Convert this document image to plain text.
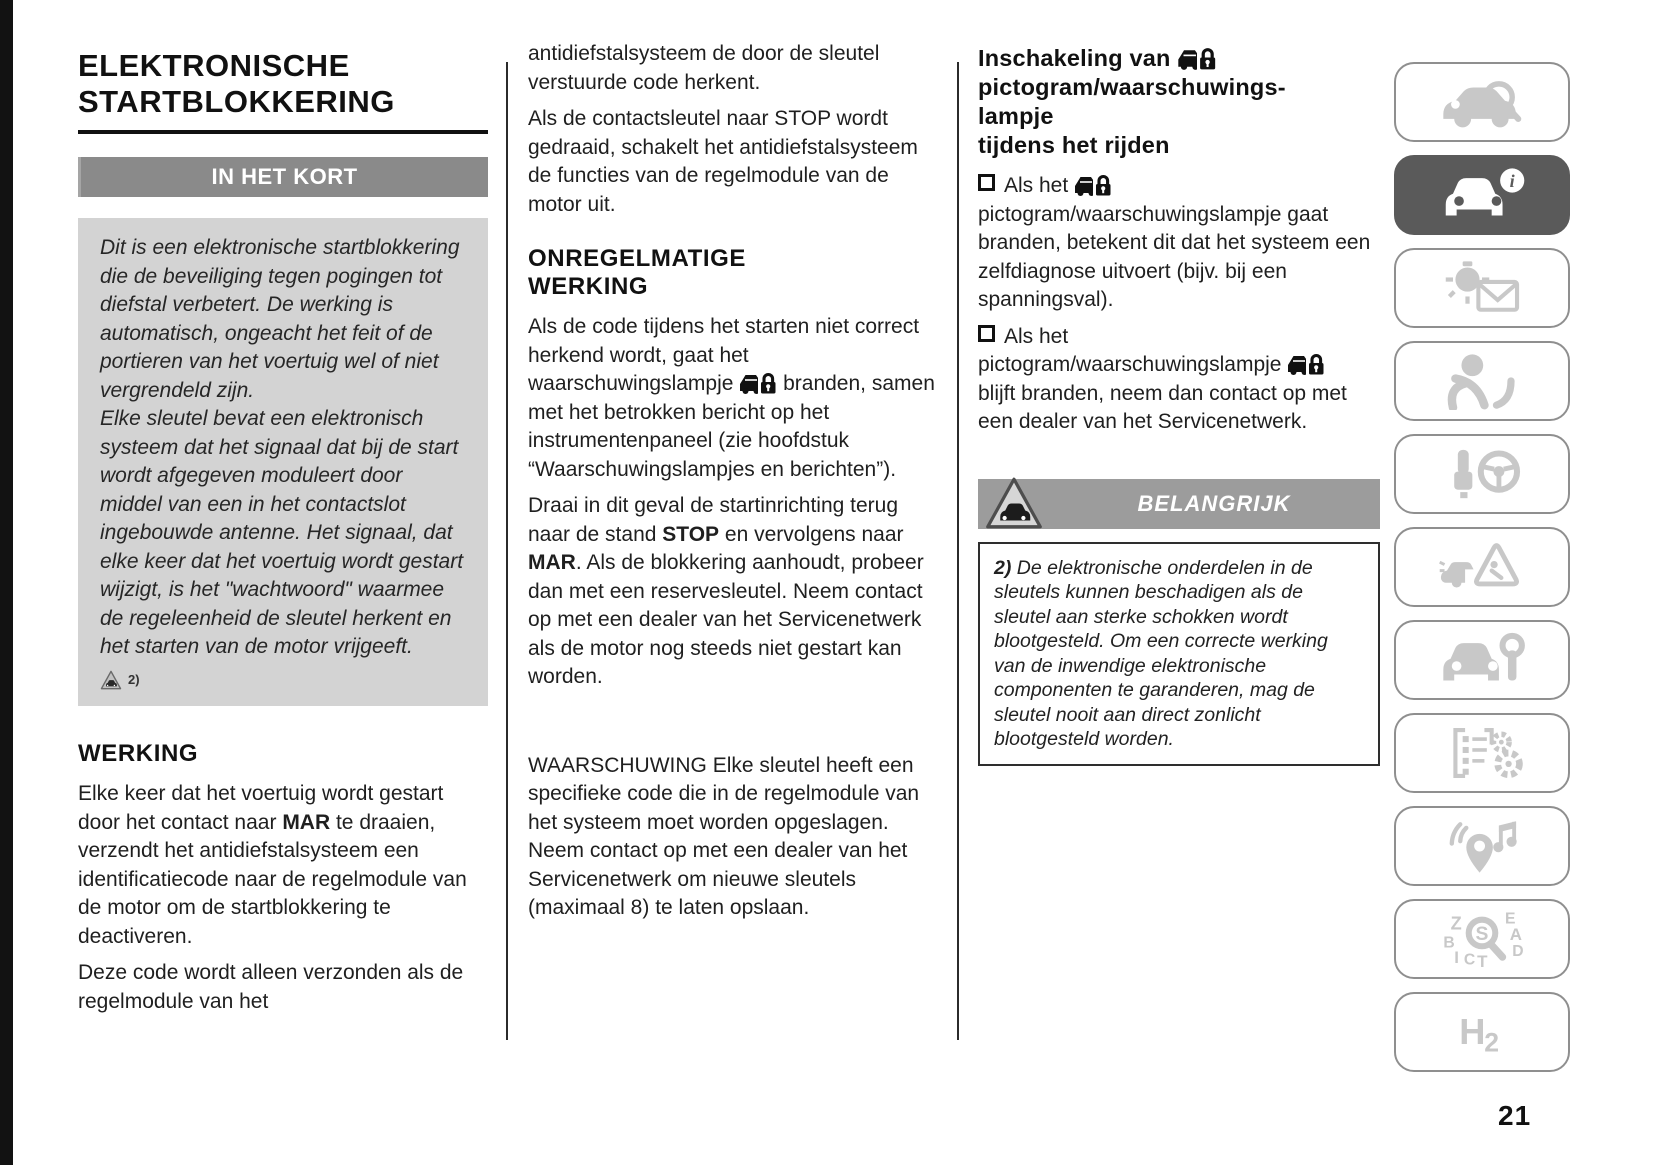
ELEKTRONISCHE
STARTBLOKKERING
IN HET KORT

Dit is een elektronische startblokkering die de beveiliging tegen pogingen tot diefstal verbetert. De werking is automatisch, ongeacht het feit of de portieren van het voertuig wel of niet vergrendeld zijn.

Elke sleutel bevat een elektronisch systeem dat het signaal dat bij de start wordt afgegeven moduleert door middel van een in het contactslot ingebouwde antenne. Het signaal, dat elke keer dat het voertuig wordt gestart wijzigt, is het "wachtwoord" waarmee de regeleenheid de sleutel herkent en het starten van de motor vrijgeeft.

2)
WERKING

Elke keer dat het voertuig wordt gestart door het contact naar MAR te draaien, verzendt het antidiefstalsysteem een identificatiecode naar de regelmodule van de motor om de startblokkering te deactiveren.

Deze code wordt alleen verzonden als de regelmodule van het

antidiefstalsysteem de door de sleutel verstuurde code herkent.

Als de contactsleutel naar STOP wordt gedraaid, schakelt het antidiefstalsysteem de functies van de regelmodule van de motor uit.

ONREGELMATIGE
WERKING

Als de code tijdens het starten niet correct herkend wordt, gaat het waarschuwingslampje  branden, samen met het betrokken bericht op het instrumentenpaneel (zie hoofdstuk “Waarschuwingslampjes en berichten”).

Draai in dit geval de startinrichting terug naar de stand STOP en vervolgens naar MAR. Als de blokkering aanhoudt, probeer dan met een reservesleutel. Neem contact op met een dealer van het Servicenetwerk als de motor nog steeds niet gestart kan worden.

WAARSCHUWING Elke sleutel heeft een specifieke code die in de regelmodule van het systeem moet worden opgeslagen. Neem contact op met een dealer van het Servicenetwerk om nieuwe sleutels (maximaal 8) te laten opslaan.

Inschakeling van
pictogram/waarschuwings-
lampje
tijdens het rijden

Als het
pictogram/waarschuwingslampje gaat branden, betekent dit dat het systeem een zelfdiagnose uitvoert (bijv. bij een spanningsval).

Als het
pictogram/waarschuwingslampje
blijft branden, neem dan contact op met een dealer van het Servicenetwerk.

BELANGRIJK
2) De elektronische onderdelen in de sleutels kunnen beschadigen als de sleutel aan sterke schokken wordt blootgesteld. Om een correcte werking van de inwendige elektronische componenten te garanderen, mag de sleutel nooit aan direct zonlicht blootgesteld worden.
i
Z
B
I C T
E
A
D
S
H
2
21
